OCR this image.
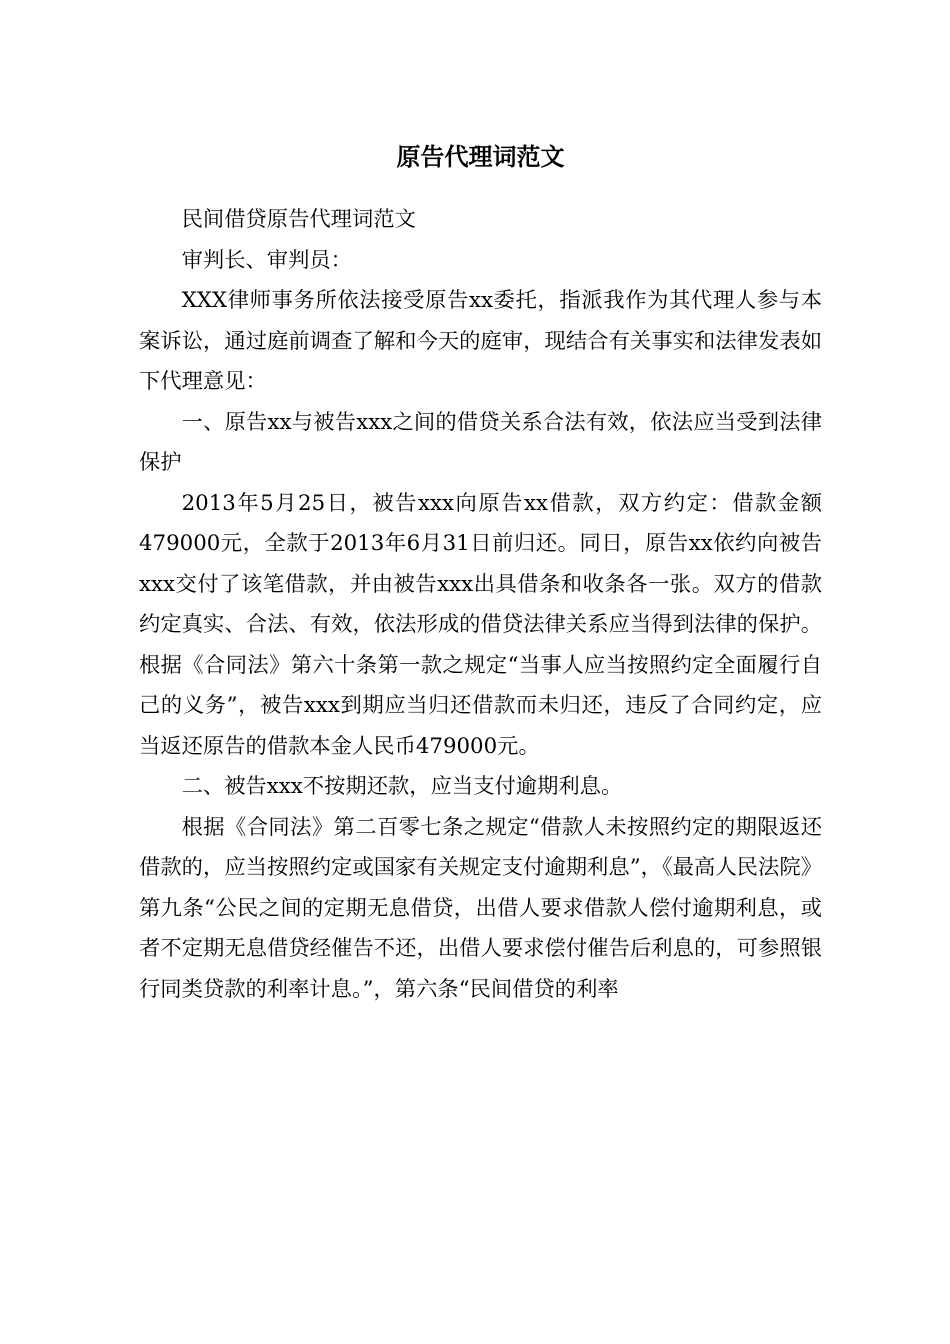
原告代理词范文

民间借贷原告代理词范文

审判长、审判员：

XXX律师事务所依法接受原告xx委托，指派我作为其代理人参与本案诉讼，通过庭前调查了解和今天的庭审，现结合有关事实和法律发表如下代理意见：

一、原告xx与被告xxx之间的借贷关系合法有效，依法应当受到法律保护

2013年5月25日，被告xxx向原告xx借款，双方约定：借款金额479000元，全款于2013年6月31日前归还。同日，原告xx依约向被告xxx交付了该笔借款，并由被告xxx出具借条和收条各一张。双方的借款约定真实、合法、有效，依法形成的借贷法律关系应当得到法律的保护。根据《合同法》第六十条第一款之规定“当事人应当按照约定全面履行自己的义务”，被告xxx到期应当归还借款而未归还，违反了合同约定，应当返还原告的借款本金人民币479000元。

二、被告xxx不按期还款，应当支付逾期利息。

根据《合同法》第二百零七条之规定“借款人未按照约定的期限返还借款的，应当按照约定或国家有关规定支付逾期利息”，《最高人民法院》第九条“公民之间的定期无息借贷，出借人要求借款人偿付逾期利息，或者不定期无息借贷经催告不还，出借人要求偿付催告后利息的，可参照银行同类贷款的利率计息。”，第六条“民间借贷的利率
